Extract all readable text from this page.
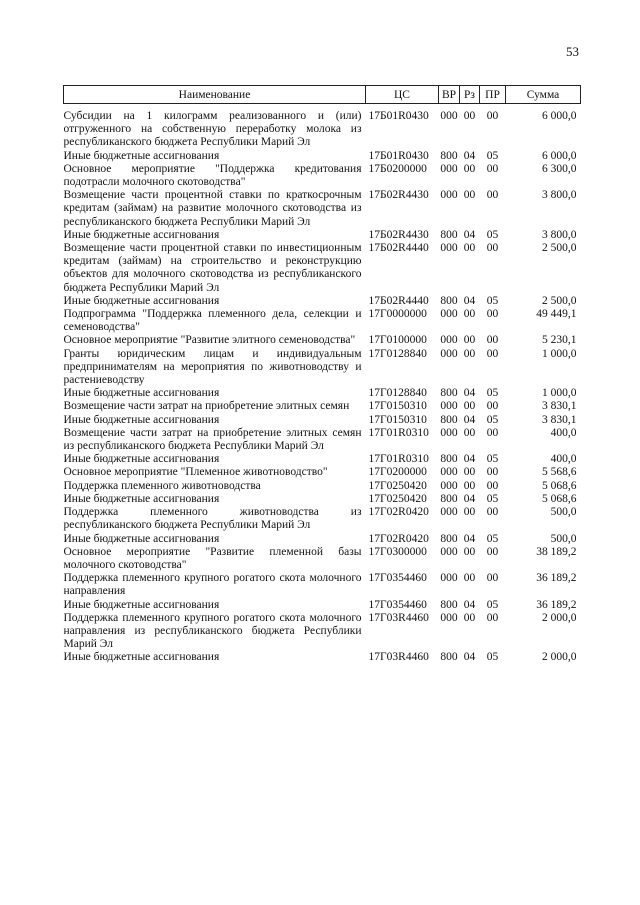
53
Наименование	ЦС	ВР	Рз	ПР	Сумма
Субсидии на 1 килограмм реализованного и (или) отгруженного на собственную переработку молока из республиканского бюджета Республики Марий Эл	17Б01R0430	000	00	00	6 000,0
Иные бюджетные ассигнования	17Б01R0430	800	04	05	6 000,0
Основное мероприятие "Поддержка кредитования подотрасли молочного скотоводства"	17Б0200000	000	00	00	6 300,0
Возмещение части процентной ставки по краткосрочным кредитам (займам) на развитие молочного скотоводства из республиканского бюджета Республики Марий Эл	17Б02R4430	000	00	00	3 800,0
Иные бюджетные ассигнования	17Б02R4430	800	04	05	3 800,0
Возмещение части процентной ставки по инвестиционным кредитам (займам) на строительство и реконструкцию объектов для молочного скотоводства из республиканского бюджета Республики Марий Эл	17Б02R4440	000	00	00	2 500,0
Иные бюджетные ассигнования	17Б02R4440	800	04	05	2 500,0
Подпрограмма "Поддержка племенного дела, селекции и семеноводства"	17Г0000000	000	00	00	49 449,1
Основное мероприятие "Развитие элитного семеноводства"	17Г0100000	000	00	00	5 230,1
Гранты юридическим лицам и индивидуальным предпринимателям на мероприятия по животноводству и растениеводству	17Г0128840	000	00	00	1 000,0
Иные бюджетные ассигнования	17Г0128840	800	04	05	1 000,0
Возмещение части затрат на приобретение элитных семян	17Г0150310	000	00	00	3 830,1
Иные бюджетные ассигнования	17Г0150310	800	04	05	3 830,1
Возмещение части затрат на приобретение элитных семян из республиканского бюджета Республики Марий Эл	17Г01R0310	000	00	00	400,0
Иные бюджетные ассигнования	17Г01R0310	800	04	05	400,0
Основное мероприятие "Племенное животноводство"	17Г0200000	000	00	00	5 568,6
Поддержка племенного животноводства	17Г0250420	000	00	00	5 068,6
Иные бюджетные ассигнования	17Г0250420	800	04	05	5 068,6
Поддержка племенного животноводства из республиканского бюджета Республики Марий Эл	17Г02R0420	000	00	00	500,0
Иные бюджетные ассигнования	17Г02R0420	800	04	05	500,0
Основное мероприятие "Развитие племенной базы молочного скотоводства"	17Г0300000	000	00	00	38 189,2
Поддержка племенного крупного рогатого скота молочного направления	17Г0354460	000	00	00	36 189,2
Иные бюджетные ассигнования	17Г0354460	800	04	05	36 189,2
Поддержка племенного крупного рогатого скота молочного направления из республиканского бюджета Республики Марий Эл	17Г03R4460	000	00	00	2 000,0
Иные бюджетные ассигнования	17Г03R4460	800	04	05	2 000,0
